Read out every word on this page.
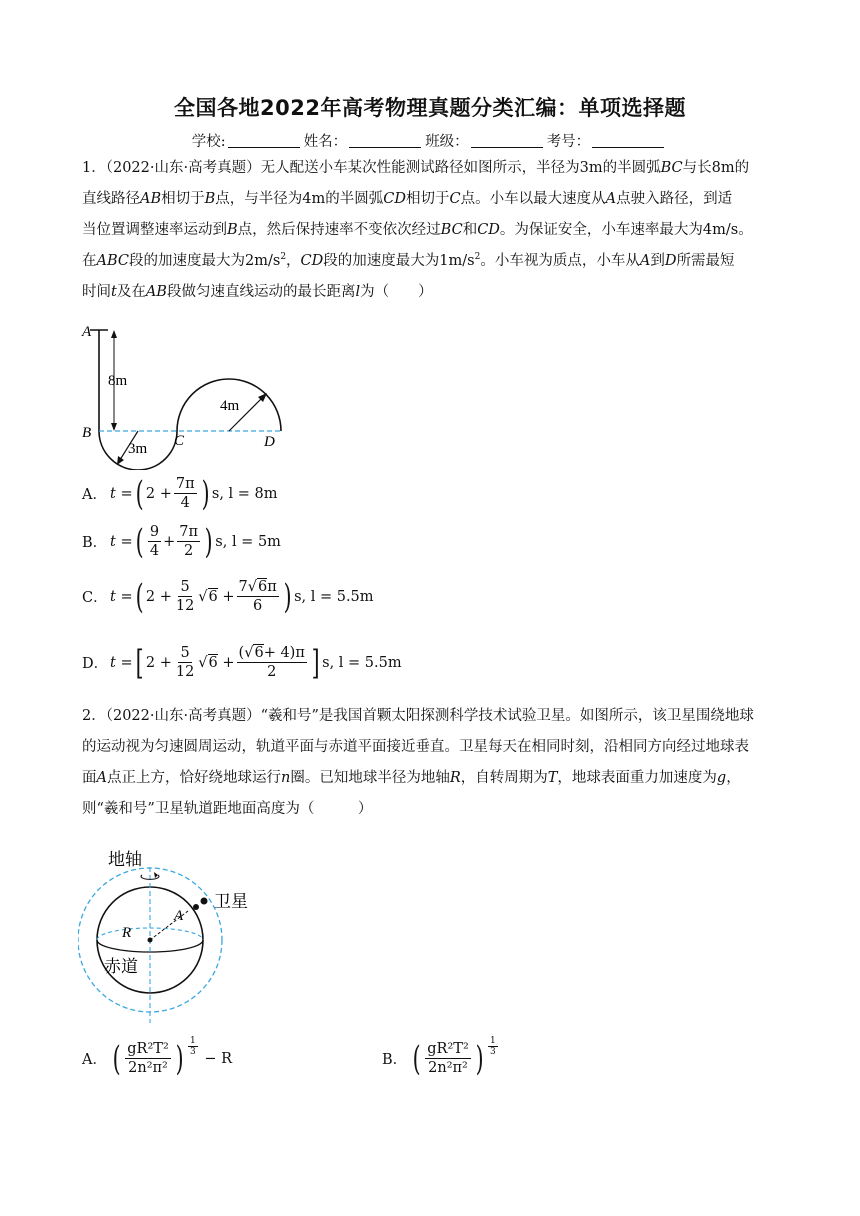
全国各地2022年高考物理真题分类汇编：单项选择题
学校:	姓名：	班级：	考号：
1．（2022·山东·高考真题）无人配送小车某次性能测试路径如图所示，半径为3m的半圆弧BC与长8m的
直线路径AB相切于B点，与半径为4m的半圆弧CD相切于C点。小车以最大速度从A点驶入路径，到适
当位置调整速率运动到B点，然后保持速率不变依次经过BC和CD。为保证安全，小车速率最大为4m/s。
在ABC段的加速度最大为$2m/s^2$，CD段的加速度最大为$1m/s^2$。小车视为质点，小车从A到D所需最短
时间t及在AB段做匀速直线运动的最长距离l为（　　）
A
8m
B
3m C
4m
D
A． t
= ( $2 + \frac{7\pi}{4}$ ) s, l = 8m
B． t
= ( $\frac{9}{4} + \frac{7\pi}{2}$ ) s, l = 5m
C． t
= ( $2 + \frac{5}{12}$ √ 6
+ $\frac{7√6\pi}{6}$ ) s, l = 5.5m
D． t
= [ $2 + \frac{5}{12}$ √ 6
+ $\frac{(√6+ 4)\pi}{2}$ ] s, l = 5.5m
2．（2022·山东·高考真题）“羲和号”是我国首颗太阳探测科学技术试验卫星。如图所示，该卫星围绕地球
的运动视为匀速圆周运动，轨道平面与赤道平面接近垂直。卫星每天在相同时刻，沿相同方向经过地球表
面A点正上方，恰好绕地球运行n圈。已知地球半径为地轴R，自转周期为T，地球表面重力加速度为g，
则“羲和号”卫星轨道距地面高度为（　　　）
地轴
卫星
A
R
赤道
A． ( $\frac{\text{gR²T²}}{\text{2n²π²}}$ ) $\frac{1}{3}$

− R	B． ( $\frac{\text{gR²T²}}{\text{2n²π²}}$ ) $\frac{1}{3}$
